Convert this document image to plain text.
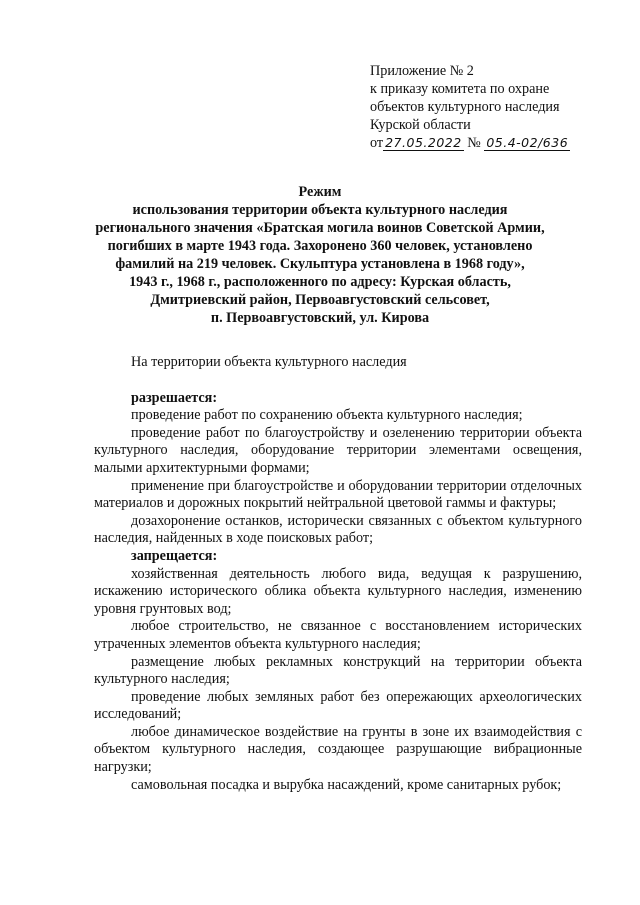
Приложение № 2
к приказу комитета по охране
объектов культурного наследия
Курской области
от 27.05.2022 № 05.4-02/636
Режим
использования территории объекта культурного наследия
регионального значения «Братская могила воинов Советской Армии,
погибших в марте 1943 года. Захоронено 360 человек, установлено
фамилий на 219 человек. Скульптура установлена в 1968 году»,
1943 г., 1968 г., расположенного по адресу: Курская область,
Дмитриевский район, Первоавгустовский сельсовет,
п. Первоавгустовский, ул. Кирова
На территории объекта культурного наследия
разрешается:
проведение работ по сохранению объекта культурного наследия;
проведение работ по благоустройству и озеленению территории объекта культурного наследия, оборудование территории элементами освещения, малыми архитектурными формами;
применение при благоустройстве и оборудовании территории отделочных материалов и дорожных покрытий нейтральной цветовой гаммы и фактуры;
дозахоронение останков, исторически связанных с объектом культурного наследия, найденных в ходе поисковых работ;
запрещается:
хозяйственная деятельность любого вида, ведущая к разрушению, искажению исторического облика объекта культурного наследия, изменению уровня грунтовых вод;
любое строительство, не связанное с восстановлением исторических утраченных элементов объекта культурного наследия;
размещение любых рекламных конструкций на территории объекта культурного наследия;
проведение любых земляных работ без опережающих археологических исследований;
любое динамическое воздействие на грунты в зоне их взаимодействия с объектом культурного наследия, создающее разрушающие вибрационные нагрузки;
самовольная посадка и вырубка насаждений, кроме санитарных рубок;
